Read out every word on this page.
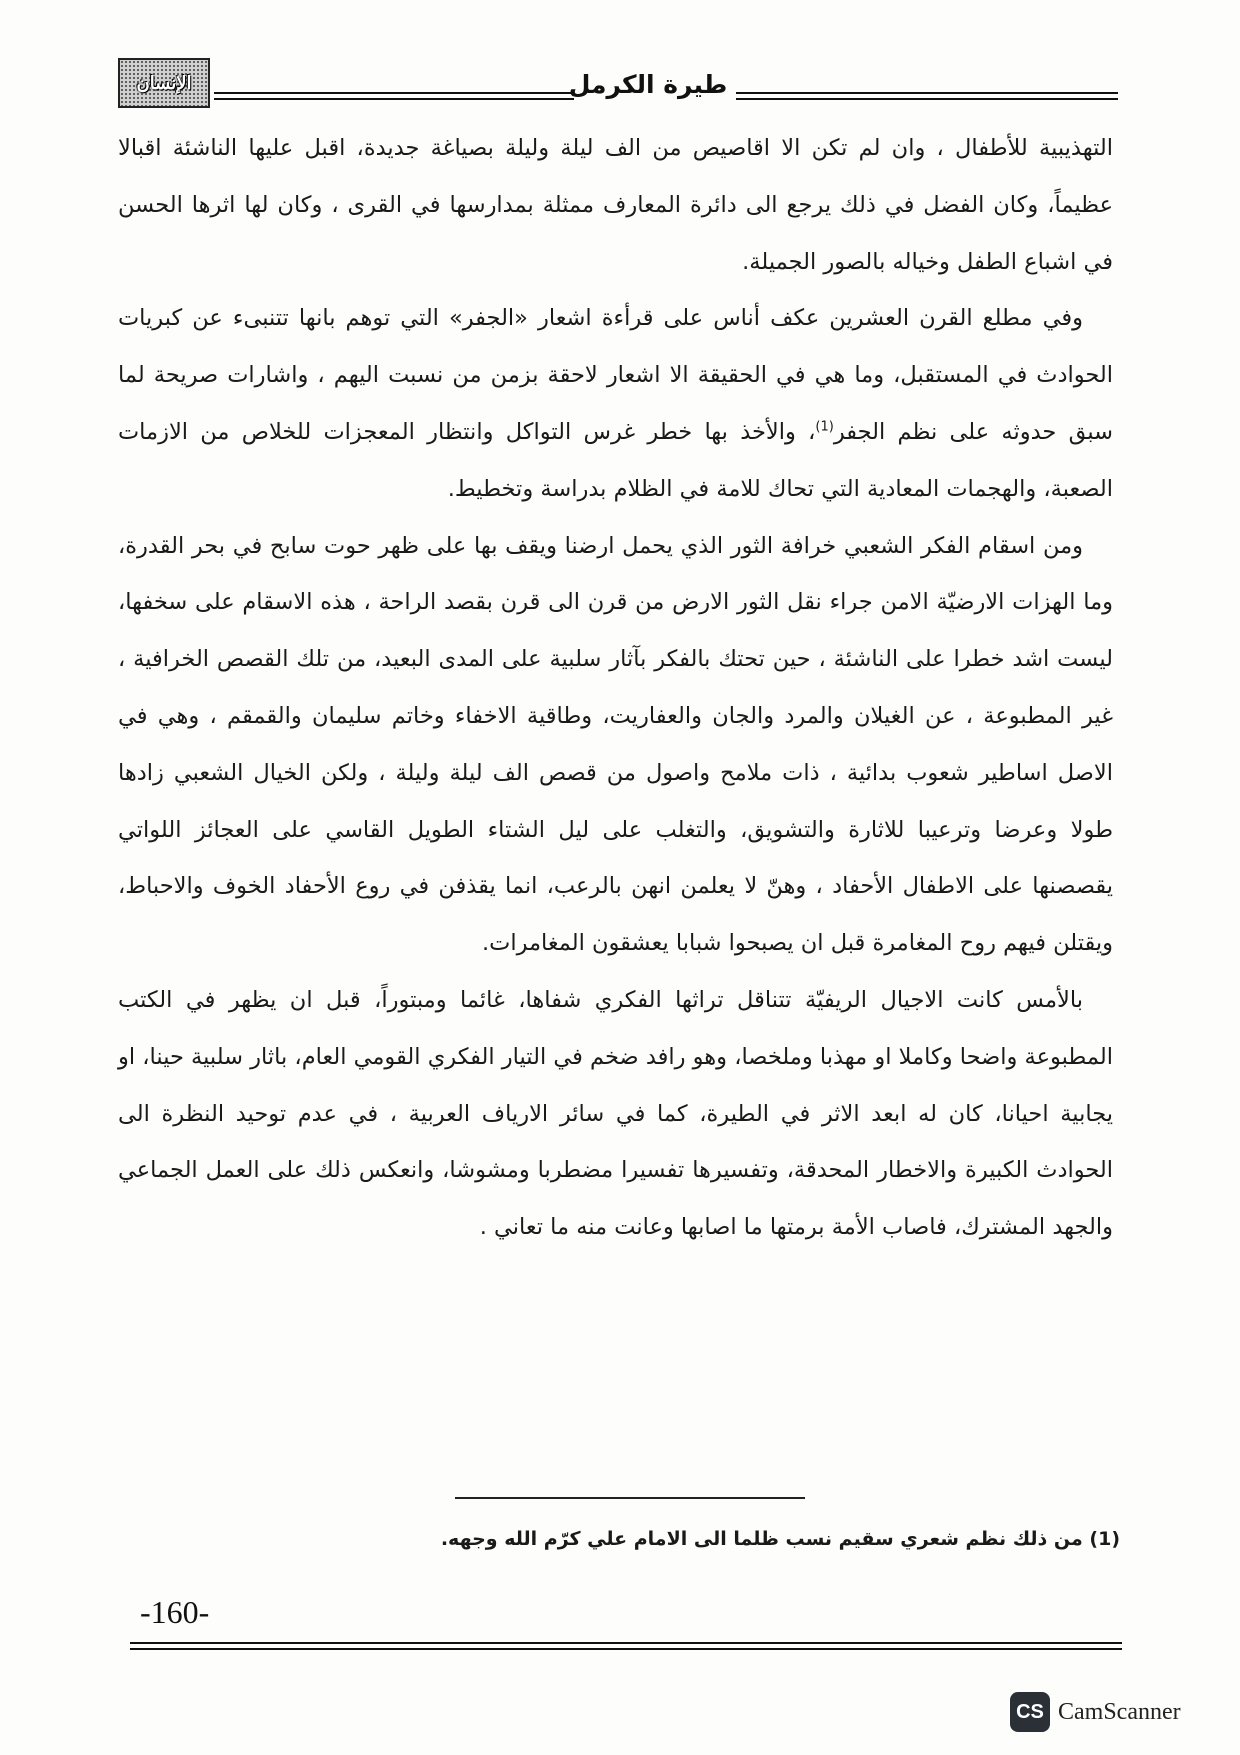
الإنسان	طيرة الكرمل

التهذيبية للأطفال ، وان لم تكن الا اقاصيص من الف ليلة وليلة بصياغة جديدة، اقبل عليها الناشئة اقبالا عظيماً، وكان الفضل في ذلك يرجع الى دائرة المعارف ممثلة بمدارسها في القرى ، وكان لها اثرها الحسن في اشباع الطفل وخياله بالصور الجميلة.

وفي مطلع القرن العشرين عكف أناس على قرأءة اشعار «الجفر» التي توهم بانها تتنبىء عن كبريات الحوادث في المستقبل، وما هي في الحقيقة الا اشعار لاحقة بزمن من نسبت اليهم ، واشارات صريحة لما سبق حدوثه على نظم الجفر$^{(1)}$، والأخذ بها خطر غرس التواكل وانتظار المعجزات للخلاص من الازمات الصعبة، والهجمات المعادية التي تحاك للامة في الظلام بدراسة وتخطيط.

ومن اسقام الفكر الشعبي خرافة الثور الذي يحمل ارضنا ويقف بها على ظهر حوت سابح في بحر القدرة، وما الهزات الارضيّة الامن جراء نقل الثور الارض من قرن الى قرن بقصد الراحة ، هذه الاسقام على سخفها، ليست اشد خطرا على الناشئة ، حين تحتك بالفكر بآثار سلبية على المدى البعيد، من تلك القصص الخرافية ، غير المطبوعة ، عن الغيلان والمرد والجان والعفاريت، وطاقية الاخفاء وخاتم سليمان والقمقم ، وهي في الاصل اساطير شعوب بدائية ، ذات ملامح واصول من قصص الف ليلة وليلة ، ولكن الخيال الشعبي زادها طولا وعرضا وترعيبا للاثارة والتشويق، والتغلب على ليل الشتاء الطويل القاسي على العجائز اللواتي يقصصنها على الاطفال الأحفاد ، وهنّ لا يعلمن انهن بالرعب، انما يقذفن في روع الأحفاد الخوف والاحباط، ويقتلن فيهم روح المغامرة قبل ان يصبحوا شبابا يعشقون المغامرات.

بالأمس كانت الاجيال الريفيّة تتناقل تراثها الفكري شفاها، غائما ومبتوراً، قبل ان يظهر في الكتب المطبوعة واضحا وكاملا او مهذبا وملخصا، وهو رافد ضخم في التيار الفكري القومي العام، باثار سلبية حينا، او يجابية احيانا، كان له ابعد الاثر في الطيرة، كما في سائر الارياف العربية ، في عدم توحيد النظرة الى الحوادث الكبيرة والاخطار المحدقة، وتفسيرها تفسيرا مضطربا ومشوشا، وانعكس ذلك على العمل الجماعي والجهد المشترك، فاصاب الأمة برمتها ما اصابها وعانت منه ما تعاني .

(1) من ذلك نظم شعري سقيم نسب ظلما الى الامام علي كرّم الله وجهه.
-160-
CS CamScanner
